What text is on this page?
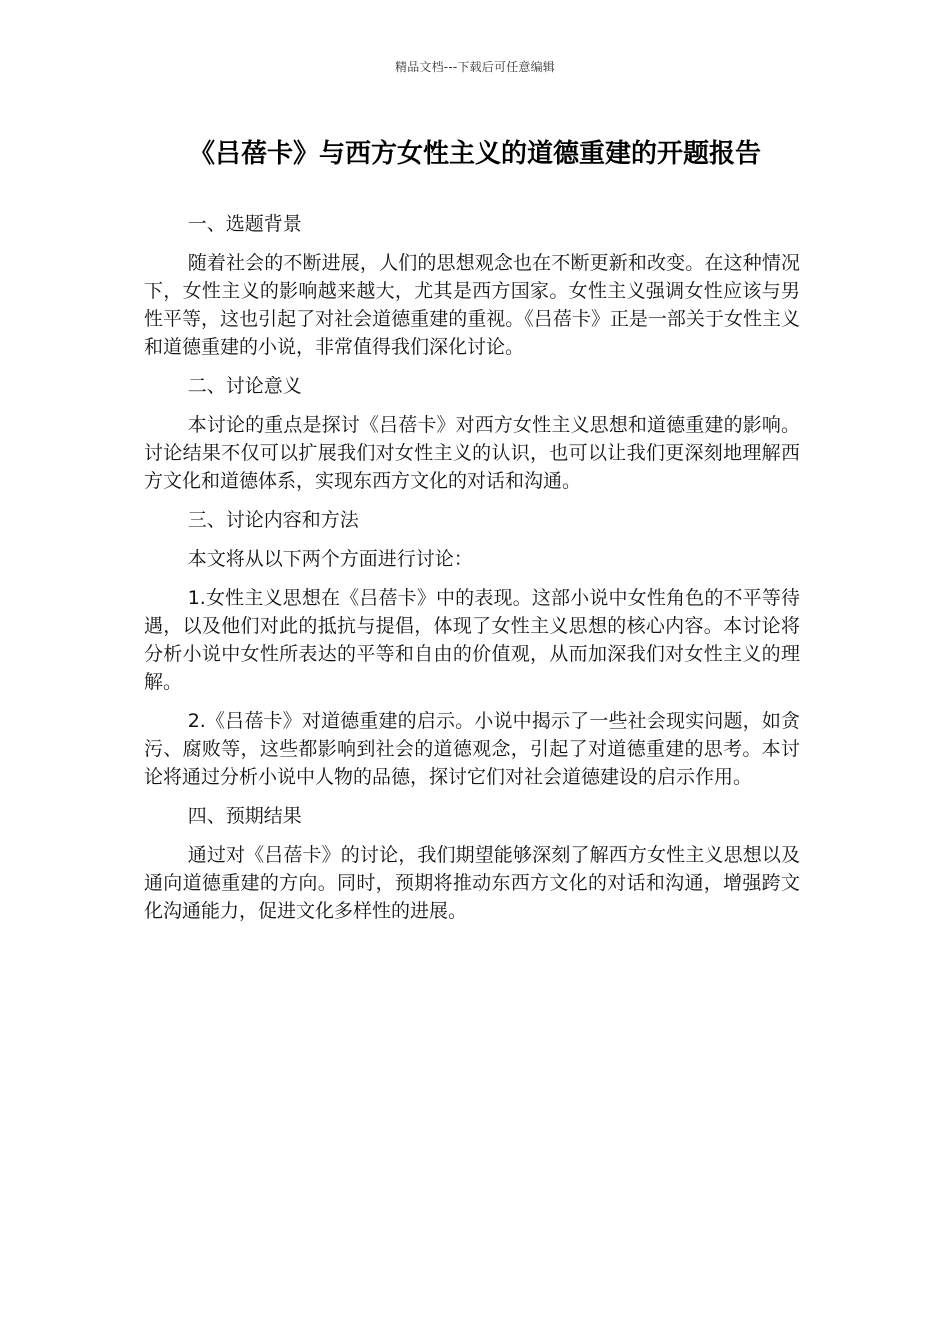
精品文档---下载后可任意编辑
《吕蓓卡》与西方女性主义的道德重建的开题报告

一、选题背景

随着社会的不断进展，人们的思想观念也在不断更新和改变。在这种情况下，女性主义的影响越来越大，尤其是西方国家。女性主义强调女性应该与男性平等，这也引起了对社会道德重建的重视。《吕蓓卡》正是一部关于女性主义和道德重建的小说，非常值得我们深化讨论。

二、讨论意义

本讨论的重点是探讨《吕蓓卡》对西方女性主义思想和道德重建的影响。讨论结果不仅可以扩展我们对女性主义的认识，也可以让我们更深刻地理解西方文化和道德体系，实现东西方文化的对话和沟通。

三、讨论内容和方法

本文将从以下两个方面进行讨论：

1.女性主义思想在《吕蓓卡》中的表现。这部小说中女性角色的不平等待遇，以及他们对此的抵抗与提倡，体现了女性主义思想的核心内容。本讨论将分析小说中女性所表达的平等和自由的价值观，从而加深我们对女性主义的理解。

2.《吕蓓卡》对道德重建的启示。小说中揭示了一些社会现实问题，如贪污、腐败等，这些都影响到社会的道德观念，引起了对道德重建的思考。本讨论将通过分析小说中人物的品德，探讨它们对社会道德建设的启示作用。

四、预期结果

通过对《吕蓓卡》的讨论，我们期望能够深刻了解西方女性主义思想以及通向道德重建的方向。同时，预期将推动东西方文化的对话和沟通，增强跨文化沟通能力，促进文化多样性的进展。
